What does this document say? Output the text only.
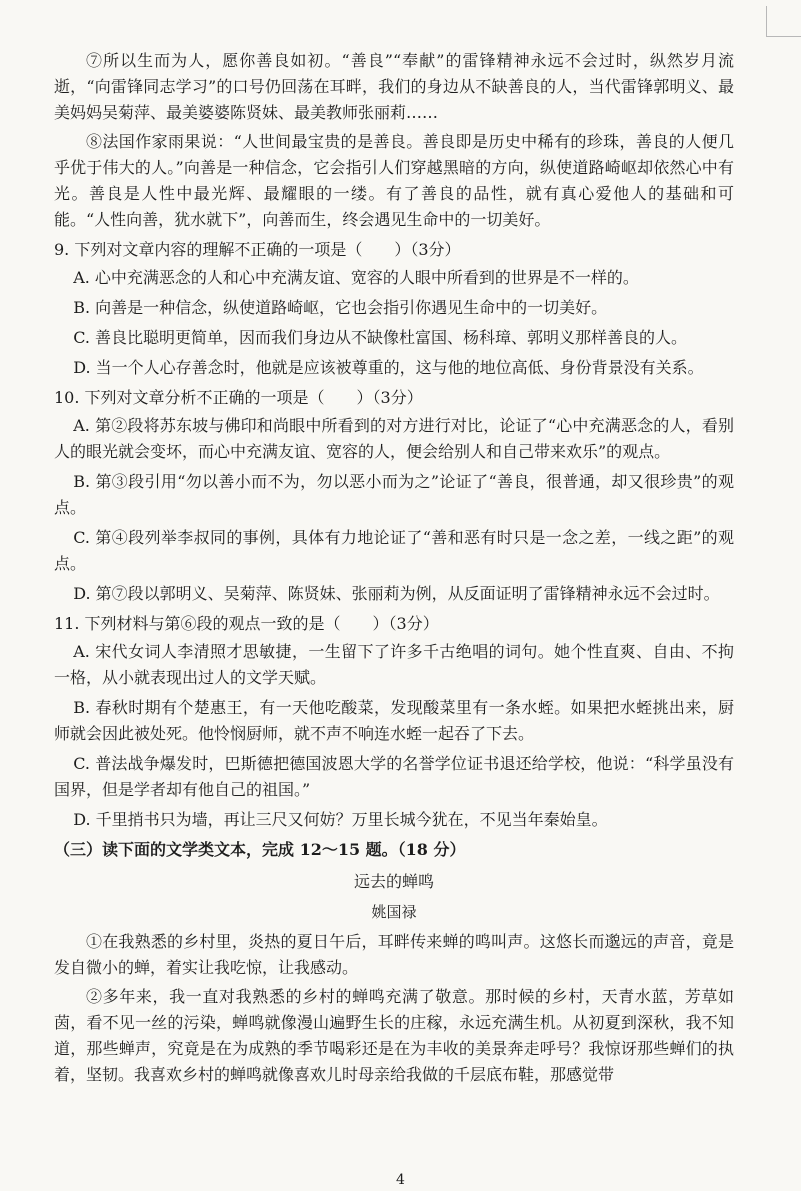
⑦所以生而为人，愿你善良如初。“善良”“奉献”的雷锋精神永远不会过时，纵然岁月流逝，“向雷锋同志学习”的口号仍回荡在耳畔，我们的身边从不缺善良的人，当代雷锋郭明义、最美妈妈吴菊萍、最美婆婆陈贤妹、最美教师张丽莉……

⑧法国作家雨果说：“人世间最宝贵的是善良。善良即是历史中稀有的珍珠，善良的人便几乎优于伟大的人。”向善是一种信念，它会指引人们穿越黑暗的方向，纵使道路崎岖却依然心中有光。善良是人性中最光辉、最耀眼的一缕。有了善良的品性，就有真心爱他人的基础和可能。“人性向善，犹水就下”，向善而生，终会遇见生命中的一切美好。

9. 下列对文章内容的理解不正确的一项是（　　）（3分）

A. 心中充满恶念的人和心中充满友谊、宽容的人眼中所看到的世界是不一样的。

B. 向善是一种信念，纵使道路崎岖，它也会指引你遇见生命中的一切美好。

C. 善良比聪明更简单，因而我们身边从不缺像杜富国、杨科璋、郭明义那样善良的人。

D. 当一个人心存善念时，他就是应该被尊重的，这与他的地位高低、身份背景没有关系。

10. 下列对文章分析不正确的一项是（　　）（3分）

A. 第②段将苏东坡与佛印和尚眼中所看到的对方进行对比，论证了“心中充满恶念的人，看别人的眼光就会变坏，而心中充满友谊、宽容的人，便会给别人和自己带来欢乐”的观点。

B. 第③段引用“勿以善小而不为，勿以恶小而为之”论证了“善良，很普通，却又很珍贵”的观点。

C. 第④段列举李叔同的事例，具体有力地论证了“善和恶有时只是一念之差，一线之距”的观点。

D. 第⑦段以郭明义、吴菊萍、陈贤妹、张丽莉为例，从反面证明了雷锋精神永远不会过时。

11. 下列材料与第⑥段的观点一致的是（　　）（3分）

A. 宋代女词人李清照才思敏捷，一生留下了许多千古绝唱的词句。她个性直爽、自由、不拘一格，从小就表现出过人的文学天赋。

B. 春秋时期有个楚惠王，有一天他吃酸菜，发现酸菜里有一条水蛭。如果把水蛭挑出来，厨师就会因此被处死。他怜悯厨师，就不声不响连水蛭一起吞了下去。

C. 普法战争爆发时，巴斯德把德国波恩大学的名誉学位证书退还给学校，他说：“科学虽没有国界，但是学者却有他自己的祖国。”

D. 千里捎书只为墙，再让三尺又何妨？万里长城今犹在，不见当年秦始皇。

（三）读下面的文学类文本，完成 12～15 题。（18 分）

远去的蝉鸣

姚国禄

①在我熟悉的乡村里，炎热的夏日午后，耳畔传来蝉的鸣叫声。这悠长而邈远的声音，竟是发自微小的蝉，着实让我吃惊，让我感动。

②多年来，我一直对我熟悉的乡村的蝉鸣充满了敬意。那时候的乡村，天青水蓝，芳草如茵，看不见一丝的污染，蝉鸣就像漫山遍野生长的庄稼，永远充满生机。从初夏到深秋，我不知道，那些蝉声，究竟是在为成熟的季节喝彩还是在为丰收的美景奔走呼号？我惊讶那些蝉们的执着，坚韧。我喜欢乡村的蝉鸣就像喜欢儿时母亲给我做的千层底布鞋，那感觉带

4
